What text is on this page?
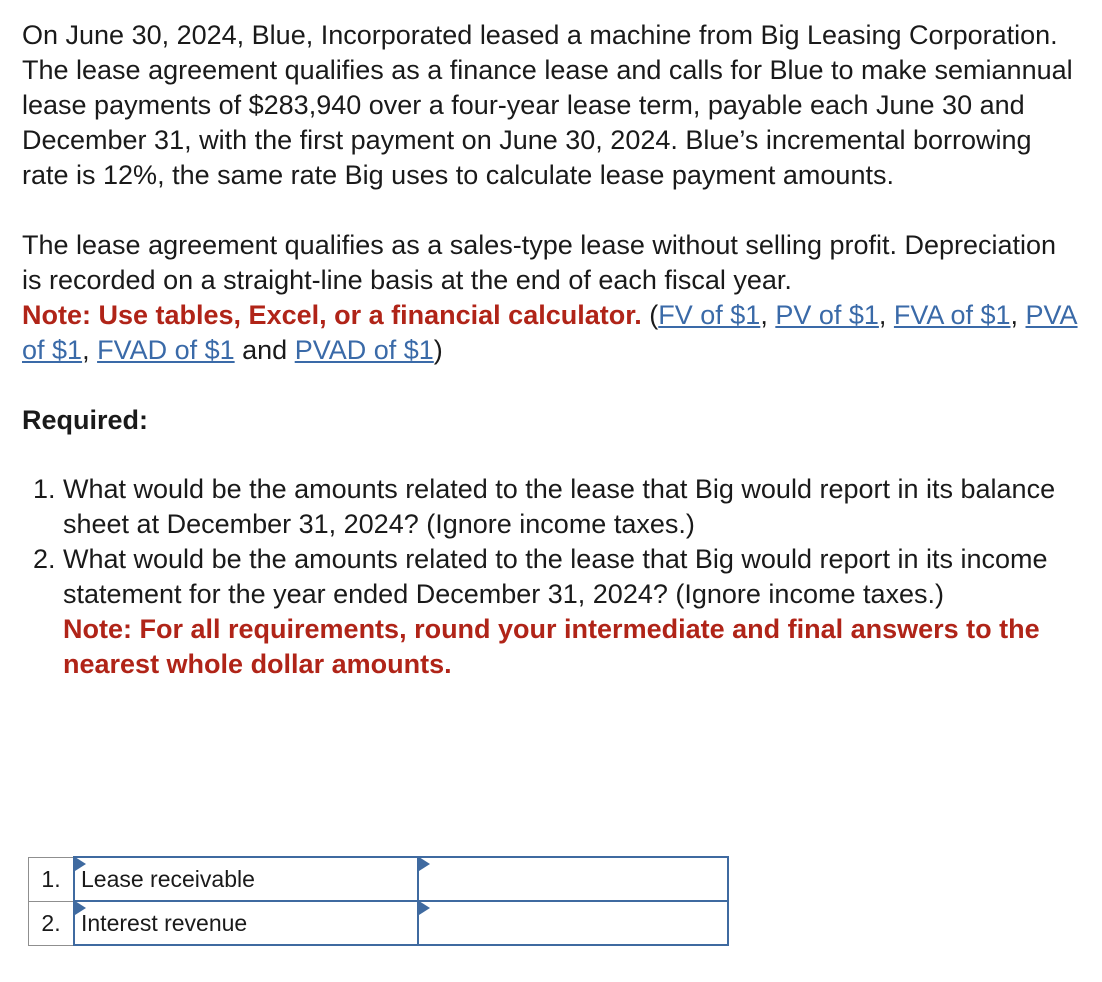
On June 30, 2024, Blue, Incorporated leased a machine from Big Leasing Corporation. The lease agreement qualifies as a finance lease and calls for Blue to make semiannual lease payments of $283,940 over a four-year lease term, payable each June 30 and December 31, with the first payment on June 30, 2024. Blue’s incremental borrowing rate is 12%, the same rate Big uses to calculate lease payment amounts.

The lease agreement qualifies as a sales-type lease without selling profit. Depreciation is recorded on a straight-line basis at the end of each fiscal year.

Note: Use tables, Excel, or a financial calculator. (FV of $1, PV of $1, FVA of $1, PVA of $1, FVAD of $1 and PVAD of $1)

Required:

1. What would be the amounts related to the lease that Big would report in its balance sheet at December 31, 2024? (Ignore income taxes.)
2. What would be the amounts related to the lease that Big would report in its income statement for the year ended December 31, 2024? (Ignore income taxes.)
Note: For all requirements, round your intermediate and final answers to the nearest whole dollar amounts.
1.	Lease receivable	

2.	Interest revenue	
